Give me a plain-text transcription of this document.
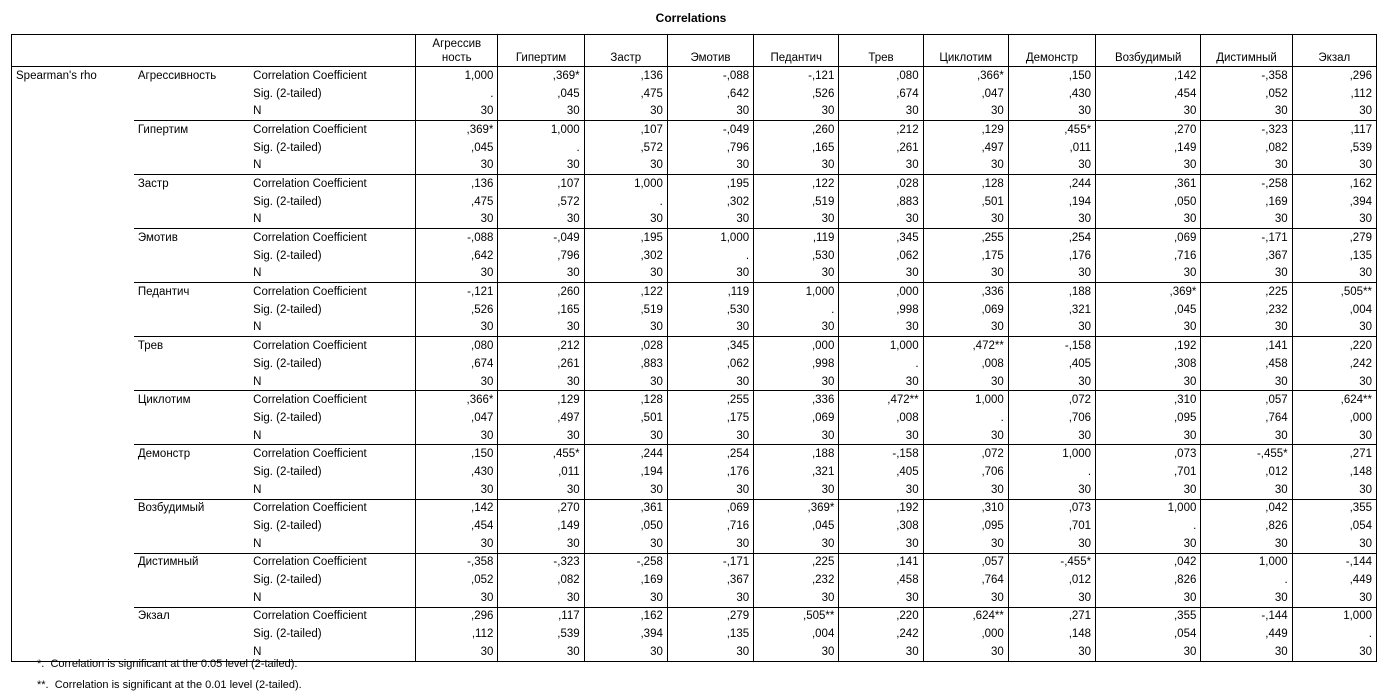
Correlations
			Агрессив ность	Гипертим	Застр	Эмотив	Педантич	Трев	Циклотим	Демонстр	Возбудимый	Дистимный	Экзал
Spearman's rho	Агрессивность	Correlation Coefficient	1,000	,369*	,136	-,088	-,121	,080	,366*	,150	,142	-,358	,296
		Sig. (2-tailed)	.	,045	,475	,642	,526	,674	,047	,430	,454	,052	,112
		N	30	30	30	30	30	30	30	30	30	30	30
	Гипертим	Correlation Coefficient	,369*	1,000	,107	-,049	,260	,212	,129	,455*	,270	-,323	,117
		Sig. (2-tailed)	,045	.	,572	,796	,165	,261	,497	,011	,149	,082	,539
		N	30	30	30	30	30	30	30	30	30	30	30
	Застр	Correlation Coefficient	,136	,107	1,000	,195	,122	,028	,128	,244	,361	-,258	,162
		Sig. (2-tailed)	,475	,572	.	,302	,519	,883	,501	,194	,050	,169	,394
		N	30	30	30	30	30	30	30	30	30	30	30
	Эмотив	Correlation Coefficient	-,088	-,049	,195	1,000	,119	,345	,255	,254	,069	-,171	,279
		Sig. (2-tailed)	,642	,796	,302	.	,530	,062	,175	,176	,716	,367	,135
		N	30	30	30	30	30	30	30	30	30	30	30
	Педантич	Correlation Coefficient	-,121	,260	,122	,119	1,000	,000	,336	,188	,369*	,225	,505**
		Sig. (2-tailed)	,526	,165	,519	,530	.	,998	,069	,321	,045	,232	,004
		N	30	30	30	30	30	30	30	30	30	30	30
	Трев	Correlation Coefficient	,080	,212	,028	,345	,000	1,000	,472**	-,158	,192	,141	,220
		Sig. (2-tailed)	,674	,261	,883	,062	,998	.	,008	,405	,308	,458	,242
		N	30	30	30	30	30	30	30	30	30	30	30
	Циклотим	Correlation Coefficient	,366*	,129	,128	,255	,336	,472**	1,000	,072	,310	,057	,624**
		Sig. (2-tailed)	,047	,497	,501	,175	,069	,008	.	,706	,095	,764	,000
		N	30	30	30	30	30	30	30	30	30	30	30
	Демонстр	Correlation Coefficient	,150	,455*	,244	,254	,188	-,158	,072	1,000	,073	-,455*	,271
		Sig. (2-tailed)	,430	,011	,194	,176	,321	,405	,706	.	,701	,012	,148
		N	30	30	30	30	30	30	30	30	30	30	30
	Возбудимый	Correlation Coefficient	,142	,270	,361	,069	,369*	,192	,310	,073	1,000	,042	,355
		Sig. (2-tailed)	,454	,149	,050	,716	,045	,308	,095	,701	.	,826	,054
		N	30	30	30	30	30	30	30	30	30	30	30
	Дистимный	Correlation Coefficient	-,358	-,323	-,258	-,171	,225	,141	,057	-,455*	,042	1,000	-,144
		Sig. (2-tailed)	,052	,082	,169	,367	,232	,458	,764	,012	,826	.	,449
		N	30	30	30	30	30	30	30	30	30	30	30
	Экзал	Correlation Coefficient	,296	,117	,162	,279	,505**	,220	,624**	,271	,355	-,144	1,000
		Sig. (2-tailed)	,112	,539	,394	,135	,004	,242	,000	,148	,054	,449	.
		N	30	30	30	30	30	30	30	30	30	30	30
*.  Correlation is significant at the 0.05 level (2-tailed).
**.  Correlation is significant at the 0.01 level (2-tailed).
